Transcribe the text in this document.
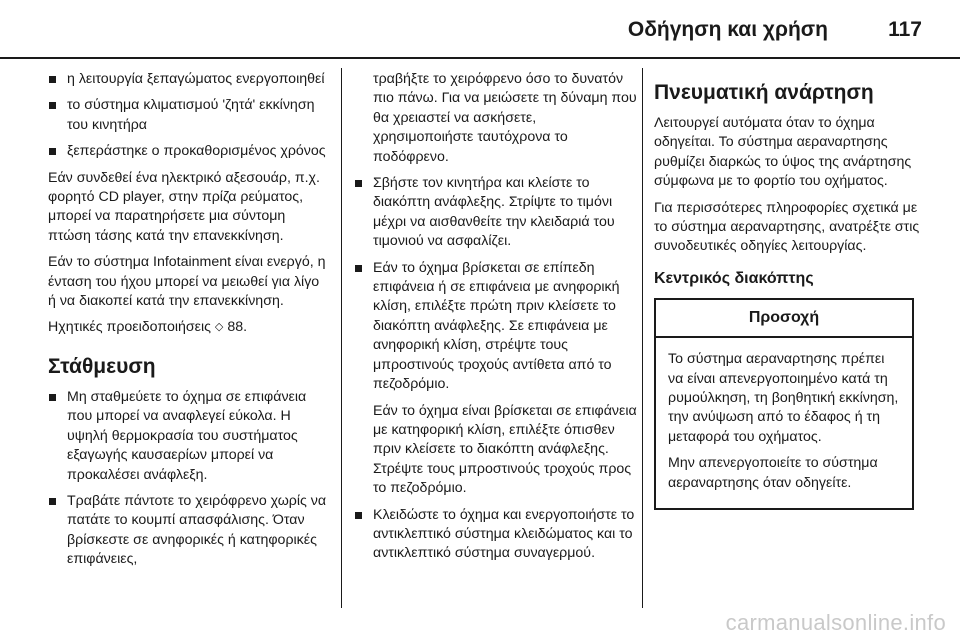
Οδήγηση και χρήση	117
η λειτουργία ξεπαγώματος ενεργοποιηθεί
το σύστημα κλιματισμού 'ζητά' εκκίνηση του κινητήρα
ξεπεράστηκε ο προκαθορισμένος χρόνος

Εάν συνδεθεί ένα ηλεκτρικό αξεσουάρ, π.χ. φορητό CD player, στην πρίζα ρεύματος, μπορεί να παρατηρήσετε μια σύντομη πτώση τάσης κατά την επανεκκίνηση.

Εάν το σύστημα Infotainment είναι ενεργό, η ένταση του ήχου μπορεί να μειωθεί για λίγο ή να διακοπεί κατά την επανεκκίνηση.

Ηχητικές προειδοποιήσεις ◇ 88.

Στάθμευση
Μη σταθμεύετε το όχημα σε επιφάνεια που μπορεί να αναφλεγεί εύκολα. Η υψηλή θερμοκρασία του συστήματος εξαγωγής καυσαερίων μπορεί να προκαλέσει ανάφλεξη.
Τραβάτε πάντοτε το χειρόφρενο χωρίς να πατάτε το κουμπί απασφάλισης. Όταν βρίσκεστε σε ανηφορικές ή κατηφορικές επιφάνειες,

τραβήξτε το χειρόφρενο όσο το δυνατόν πιο πάνω. Για να μειώσετε τη δύναμη που θα χρειαστεί να ασκήσετε, χρησιμοποιήστε ταυτόχρονα το ποδόφρενο.

Σβήστε τον κινητήρα και κλείστε το διακόπτη ανάφλεξης. Στρίψτε το τιμόνι μέχρι να αισθανθείτε την κλειδαριά του τιμονιού να ασφαλίζει.
Εάν το όχημα βρίσκεται σε επίπεδη επιφάνεια ή σε επιφάνεια με ανηφορική κλίση, επιλέξτε πρώτη πριν κλείσετε το διακόπτη ανάφλεξης. Σε επιφάνεια με ανηφορική κλίση, στρέψτε τους μπροστινούς τροχούς αντίθετα από το πεζοδρόμιο.

Εάν το όχημα είναι βρίσκεται σε επιφάνεια με κατηφορική κλίση, επιλέξτε όπισθεν πριν κλείσετε το διακόπτη ανάφλεξης. Στρέψτε τους μπροστινούς τροχούς προς το πεζοδρόμιο.

Κλειδώστε το όχημα και ενεργοποιήστε το αντικλεπτικό σύστημα κλειδώματος και το αντικλεπτικό σύστημα συναγερμού.
Πνευματική ανάρτηση

Λειτουργεί αυτόματα όταν το όχημα οδηγείται. Το σύστημα αεραναρτησης ρυθμίζει διαρκώς το ύψος της ανάρτησης σύμφωνα με το φορτίο του οχήματος.

Για περισσότερες πληροφορίες σχετικά με το σύστημα αεραναρτησης, ανατρέξτε στις συνοδευτικές οδηγίες λειτουργίας.

Κεντρικός διακόπτης
Προσοχή

Το σύστημα αεραναρτησης πρέπει να είναι απενεργοποιημένο κατά τη ρυμούλκηση, τη βοηθητική εκκίνηση, την ανύψωση από το έδαφος ή τη μεταφορά του οχήματος.

Μην απενεργοποιείτε το σύστημα αεραναρτησης όταν οδηγείτε.

carmanualsonline.info
